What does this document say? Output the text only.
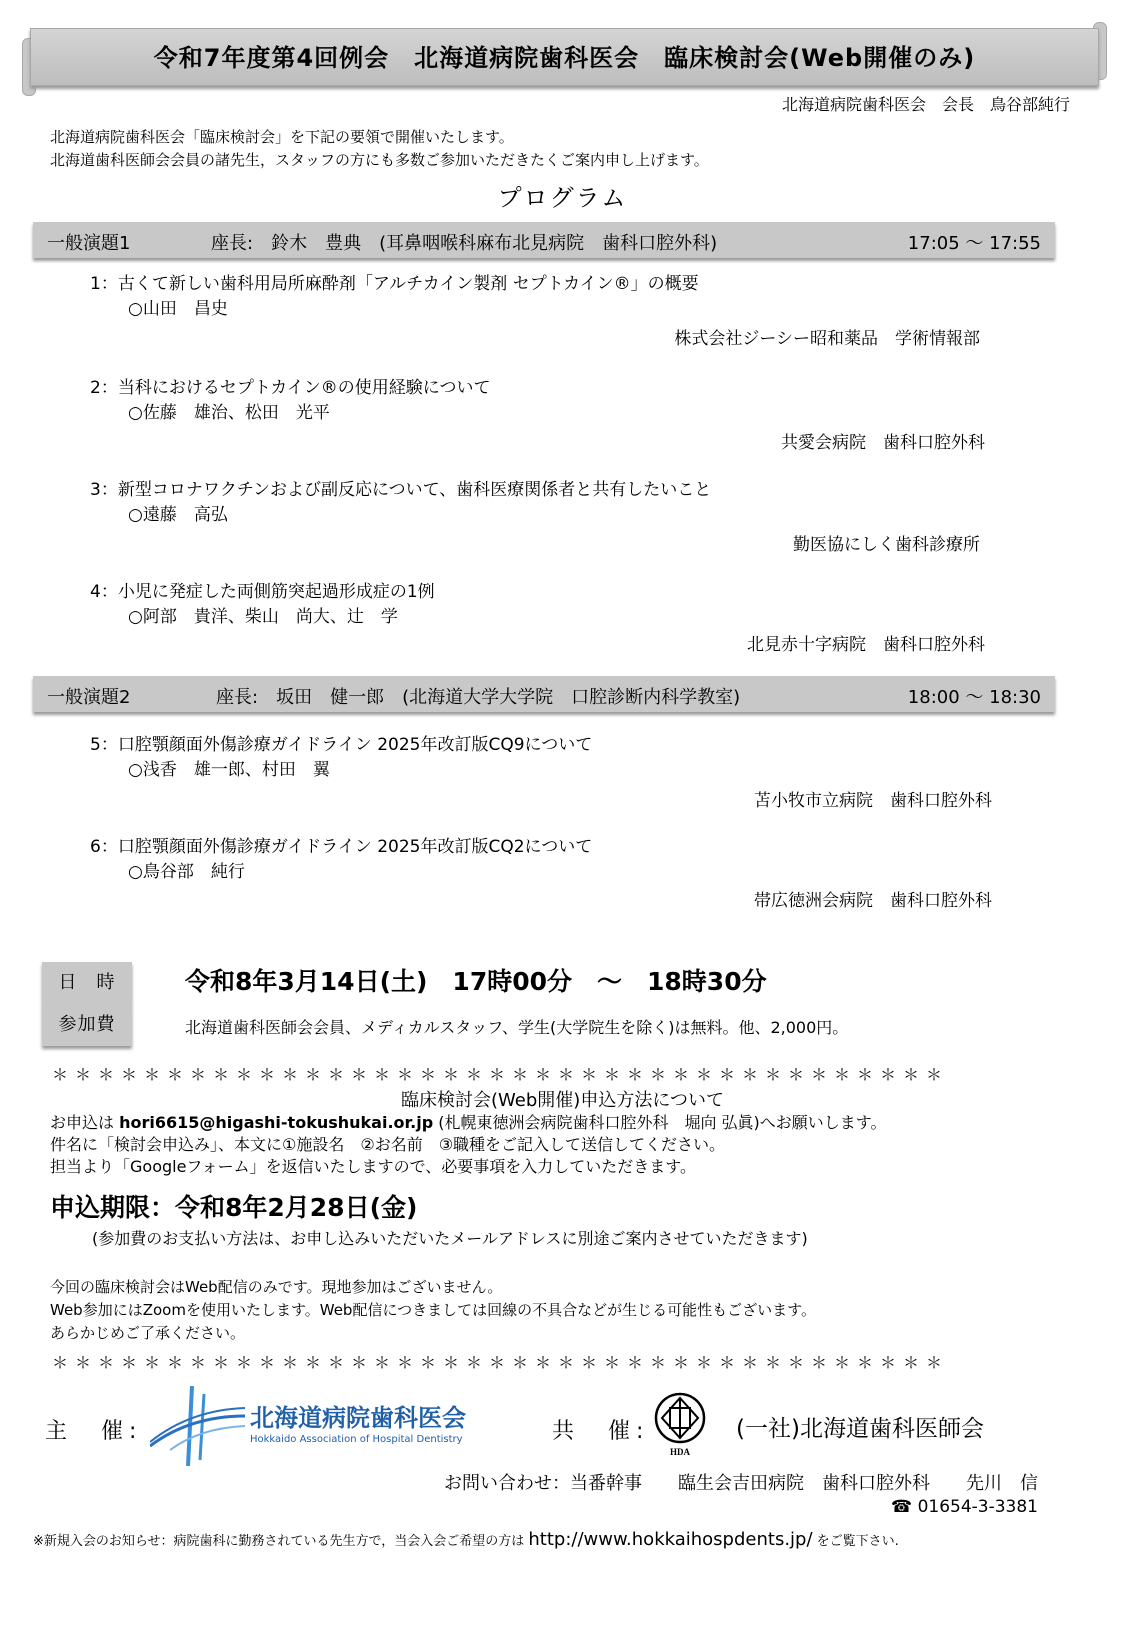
令和7年度第4回例会　北海道病院歯科医会　臨床検討会(Web開催のみ)
北海道病院歯科医会　会長　鳥谷部純行
北海道病院歯科医会「臨床検討会」を下記の要領で開催いたします。
北海道歯科医師会会員の諸先生，スタッフの方にも多数ご参加いただきたくご案内申し上げます。
プログラム
一般演題1	座長:　鈴木　豊典　(耳鼻咽喉科麻布北見病院　歯科口腔外科)	17:05 〜 17:55
1：古くて新しい歯科用局所麻酔剤「アルチカイン製剤 セプトカイン®」の概要
○山田　昌史
株式会社ジーシー昭和薬品　学術情報部
2：当科におけるセプトカイン®の使用経験について
○佐藤　雄治、松田　光平
共愛会病院　歯科口腔外科
3：新型コロナワクチンおよび副反応について、歯科医療関係者と共有したいこと
○遠藤　高弘
勤医協にしく歯科診療所
4：小児に発症した両側筋突起過形成症の1例
○阿部　貴洋、柴山　尚大、辻　学
北見赤十字病院　歯科口腔外科
一般演題2	座長:　坂田　健一郎　(北海道大学大学院　口腔診断内科学教室)	18:00 〜 18:30
5：口腔顎顔面外傷診療ガイドライン 2025年改訂版CQ9について
○浅香　雄一郎、村田　翼
苫小牧市立病院　歯科口腔外科
6：口腔顎顔面外傷診療ガイドライン 2025年改訂版CQ2について
○鳥谷部　純行
帯広徳洲会病院　歯科口腔外科
日　時	令和8年3月14日(土)　17時00分　〜　18時30分
参加費	北海道歯科医師会会員、メディカルスタッフ、学生(大学院生を除く)は無料。他、2,000円。
＊＊＊＊＊＊＊＊＊＊＊＊＊＊＊＊＊＊＊＊＊＊＊＊＊＊＊＊＊＊＊＊＊＊＊＊＊＊＊
臨床検討会(Web開催)申込方法について
お申込は hori6615@higashi-tokushukai.or.jp (札幌東徳洲会病院歯科口腔外科　堀向 弘眞)へお願いします。
件名に「検討会申込み」、本文に①施設名　②お名前　③職種をご記入して送信してください。
担当より「Googleフォーム」を返信いたしますので、必要事項を入力していただきます。
申込期限：令和8年2月28日(金)
(参加費のお支払い方法は、お申し込みいただいたメールアドレスに別途ご案内させていただきます)
今回の臨床検討会はWeb配信のみです。現地参加はございません。
Web参加にはZoomを使用いたします。Web配信につきましては回線の不具合などが生じる可能性もございます。
あらかじめご了承ください。
＊＊＊＊＊＊＊＊＊＊＊＊＊＊＊＊＊＊＊＊＊＊＊＊＊＊＊＊＊＊＊＊＊＊＊＊＊＊＊
主　催:	北海道病院歯科医会
Hokkaido Association of Hospital Dentistry	共　催:
HDA
(一社)北海道歯科医師会
お問い合わせ：当番幹事　　臨生会吉田病院　歯科口腔外科　　先川　信
☎ 01654-3-3381
※新規入会のお知らせ：病院歯科に勤務されている先生方で，当会入会ご希望の方は http://www.hokkaihospdents.jp/ をご覧下さい.
